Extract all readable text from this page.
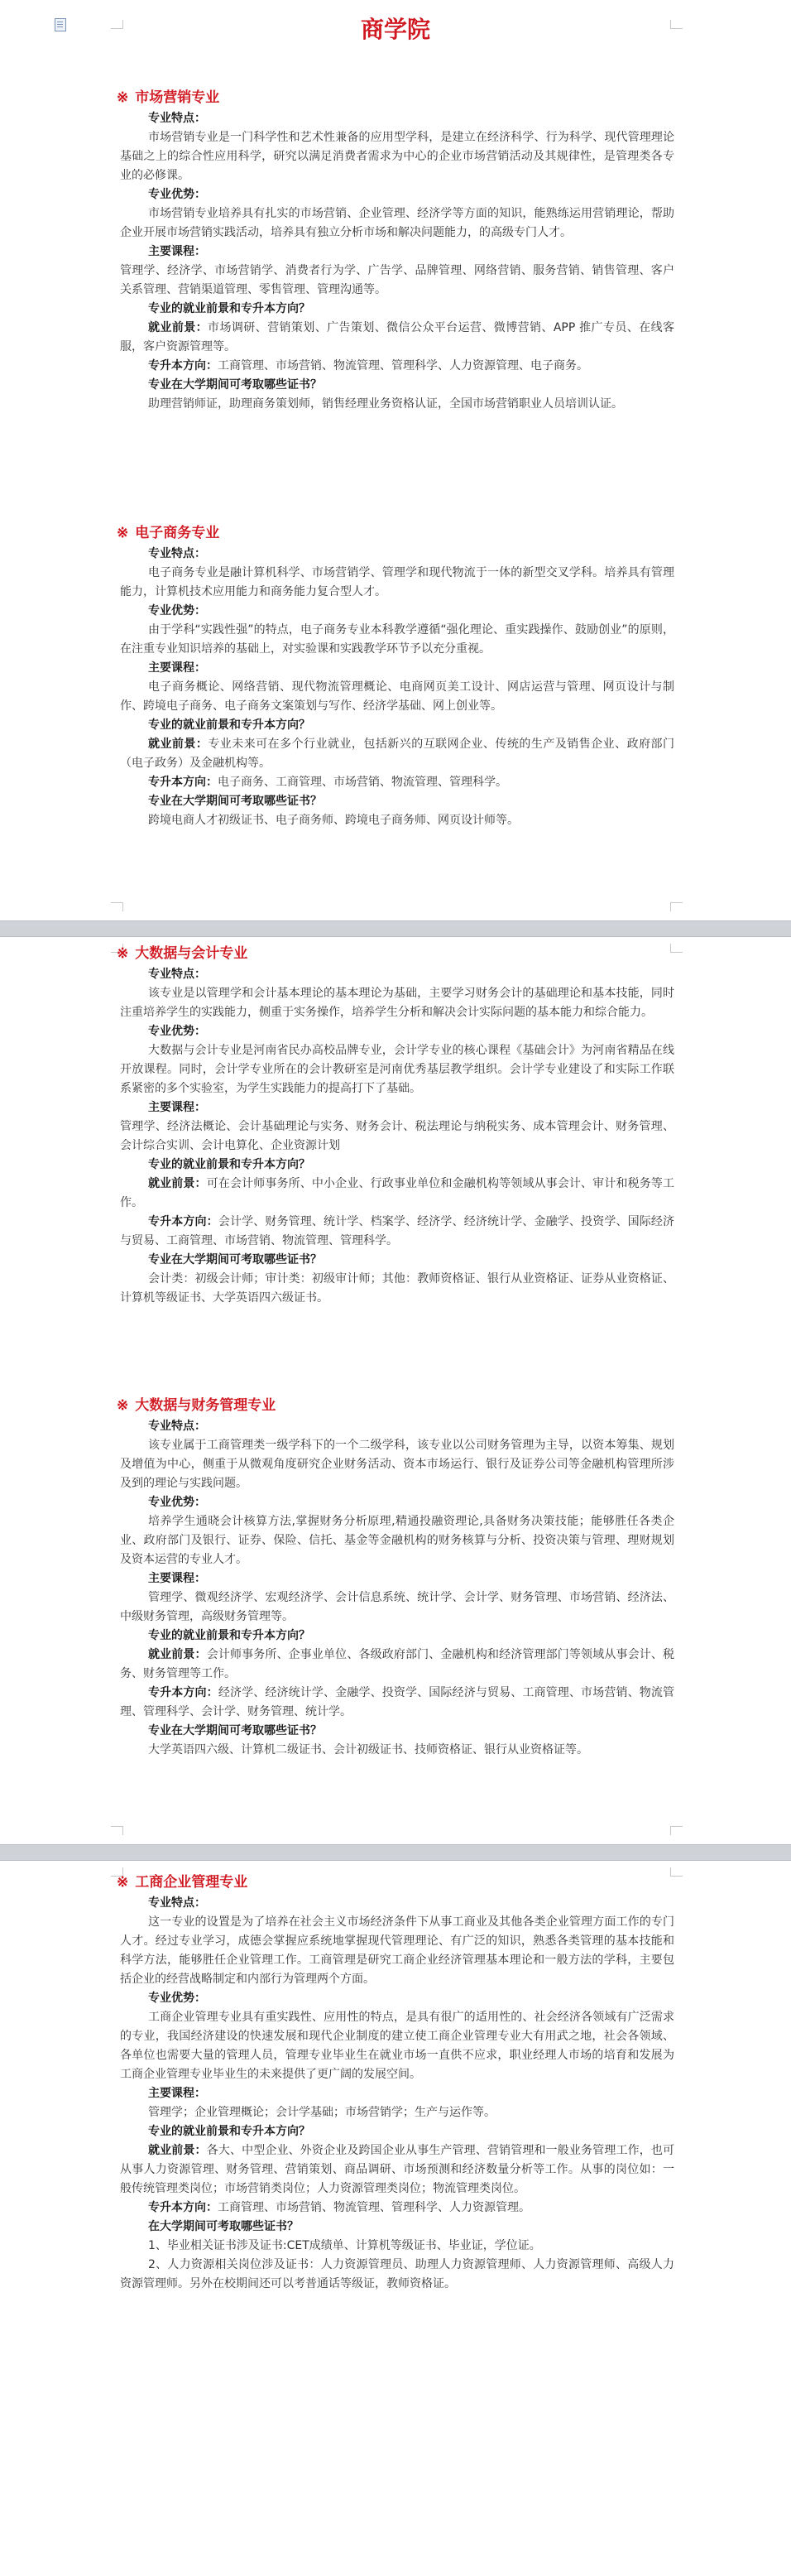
商学院
※ 市场营销专业
专业特点：

市场营销专业是一门科学性和艺术性兼备的应用型学科，是建立在经济科学、行为科学、现代管理理论基础之上的综合性应用科学，研究以满足消费者需求为中心的企业市场营销活动及其规律性，是管理类各专业的必修课。

专业优势：

市场营销专业培养具有扎实的市场营销、企业管理、经济学等方面的知识，能熟练运用营销理论，帮助企业开展市场营销实践活动，培养具有独立分析市场和解决问题能力，的高级专门人才。

主要课程：

管理学、经济学、市场营销学、消费者行为学、广告学、品牌管理、网络营销、服务营销、销售管理、客户关系管理、营销渠道管理、零售管理、管理沟通等。

专业的就业前景和专升本方向？

就业前景：市场调研、营销策划、广告策划、微信公众平台运营、微博营销、APP 推广专员、在线客服，客户资源管理等。

专升本方向：工商管理、市场营销、物流管理、管理科学、人力资源管理、电子商务。

专业在大学期间可考取哪些证书？

助理营销师证，助理商务策划师，销售经理业务资格认证，全国市场营销职业人员培训认证。

※ 电子商务专业
专业特点：

电子商务专业是融计算机科学、市场营销学、管理学和现代物流于一体的新型交叉学科。培养具有管理能力，计算机技术应用能力和商务能力复合型人才。

专业优势：

由于学科“实践性强”的特点，电子商务专业本科教学遵循“强化理论、重实践操作、鼓励创业”的原则，在注重专业知识培养的基础上，对实验课和实践教学环节予以充分重视。

主要课程：

电子商务概论、网络营销、现代物流管理概论、电商网页美工设计、网店运营与管理、网页设计与制作、跨境电子商务、电子商务文案策划与写作、经济学基础、网上创业等。

专业的就业前景和专升本方向？

就业前景：专业未来可在多个行业就业，包括新兴的互联网企业、传统的生产及销售企业、政府部门（电子政务）及金融机构等。

专升本方向：电子商务、工商管理、市场营销、物流管理、管理科学。

专业在大学期间可考取哪些证书？

跨境电商人才初级证书、电子商务师、跨境电子商务师、网页设计师等。

※ 大数据与会计专业
专业特点：

该专业是以管理学和会计基本理论的基本理论为基础，主要学习财务会计的基础理论和基本技能，同时注重培养学生的实践能力，侧重于实务操作，培养学生分析和解决会计实际问题的基本能力和综合能力。

专业优势：

大数据与会计专业是河南省民办高校品牌专业，会计学专业的核心课程《基础会计》为河南省精品在线开放课程。同时，会计学专业所在的会计教研室是河南优秀基层教学组织。会计学专业建设了和实际工作联系紧密的多个实验室，为学生实践能力的提高打下了基础。

主要课程：

管理学、经济法概论、会计基础理论与实务、财务会计、税法理论与纳税实务、成本管理会计、财务管理、会计综合实训、会计电算化、企业资源计划

专业的就业前景和专升本方向？

就业前景：可在会计师事务所、中小企业、行政事业单位和金融机构等领域从事会计、审计和税务等工作。

专升本方向：会计学、财务管理、统计学、档案学、经济学、经济统计学、金融学、投资学、国际经济与贸易、工商管理、市场营销、物流管理、管理科学。

专业在大学期间可考取哪些证书？

会计类：初级会计师；审计类：初级审计师；其他：教师资格证、银行从业资格证、证券从业资格证、计算机等级证书、大学英语四六级证书。

※ 大数据与财务管理专业
专业特点：

该专业属于工商管理类一级学科下的一个二级学科，该专业以公司财务管理为主导，以资本筹集、规划及增值为中心，侧重于从微观角度研究企业财务活动、资本市场运行、银行及证券公司等金融机构管理所涉及到的理论与实践问题。

专业优势：

培养学生通晓会计核算方法,掌握财务分析原理,精通投融资理论,具备财务决策技能；能够胜任各类企业、政府部门及银行、证券、保险、信托、基金等金融机构的财务核算与分析、投资决策与管理、理财规划及资本运营的专业人才。

主要课程：

管理学、微观经济学、宏观经济学、会计信息系统、统计学、会计学、财务管理、市场营销、经济法、中级财务管理，高级财务管理等。

专业的就业前景和专升本方向？

就业前景：会计师事务所、企事业单位、各级政府部门、金融机构和经济管理部门等领域从事会计、税务、财务管理等工作。

专升本方向：经济学、经济统计学、金融学、投资学、国际经济与贸易、工商管理、市场营销、物流管理、管理科学、会计学、财务管理、统计学。

专业在大学期间可考取哪些证书？

大学英语四六级、计算机二级证书、会计初级证书、技师资格证、银行从业资格证等。

※ 工商企业管理专业
专业特点：

这一专业的设置是为了培养在社会主义市场经济条件下从事工商业及其他各类企业管理方面工作的专门人才。经过专业学习，成德会掌握应系统地掌握现代管理理论、有广泛的知识，熟悉各类管理的基本技能和科学方法，能够胜任企业管理工作。工商管理是研究工商企业经济管理基本理论和一般方法的学科，主要包括企业的经营战略制定和内部行为管理两个方面。

专业优势：

工商企业管理专业具有重实践性、应用性的特点，是具有很广的适用性的、社会经济各领域有广泛需求的专业，我国经济建设的快速发展和现代企业制度的建立使工商企业管理专业大有用武之地，社会各领域、各单位也需要大量的管理人员，管理专业毕业生在就业市场一直供不应求，职业经理人市场的培育和发展为工商企业管理专业毕业生的未来提供了更广阔的发展空间。

主要课程：

管理学；企业管理概论；会计学基础；市场营销学；生产与运作等。

专业的就业前景和专升本方向？

就业前景：各大、中型企业、外资企业及跨国企业从事生产管理、营销管理和一般业务管理工作，也可从事人力资源管理、财务管理、营销策划、商品调研、市场预测和经济数量分析等工作。从事的岗位如：一般传统管理类岗位；市场营销类岗位；人力资源管理类岗位；物流管理类岗位。

专升本方向：工商管理、市场营销、物流管理、管理科学、人力资源管理。

在大学期间可考取哪些证书？

1、毕业相关证书涉及证书:CET成绩单、计算机等级证书、毕业证，学位证。

2、人力资源相关岗位涉及证书：人力资源管理员、助理人力资源管理师、人力资源管理师、高级人力资源管理师。另外在校期间还可以考普通话等级证，教师资格证。
